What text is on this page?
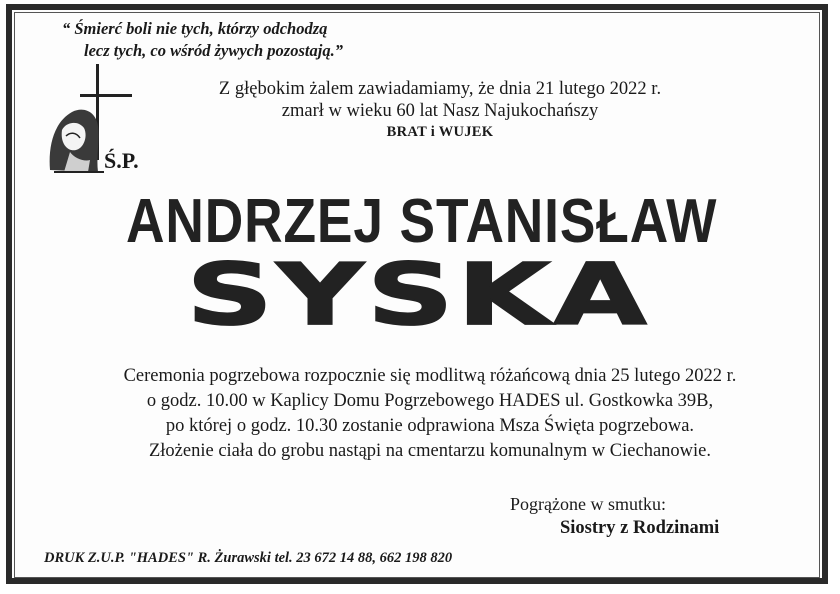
“ Śmierć boli nie tych, którzy odchodzą
lecz tych, co wśród żywych pozostają.”
Z głębokim żalem zawiadamiamy, że dnia 21 lutego 2022 r.
zmarł w wieku 60 lat Nasz Najukochańszy
BRAT i WUJEK
Ś.P.
ANDRZEJ STANISŁAW
SYSKA
Ceremonia pogrzebowa rozpocznie się modlitwą różańcową dnia 25 lutego 2022 r.
o godz. 10.00 w Kaplicy Domu Pogrzebowego HADES ul. Gostkowka 39B,
po której o godz. 10.30 zostanie odprawiona Msza Święta pogrzebowa.
Złożenie ciała do grobu nastąpi na cmentarzu komunalnym w Ciechanowie.
Pogrążone w smutku:
Siostry z Rodzinami
DRUK Z.U.P. "HADES" R. Żurawski tel. 23 672 14 88, 662 198 820
